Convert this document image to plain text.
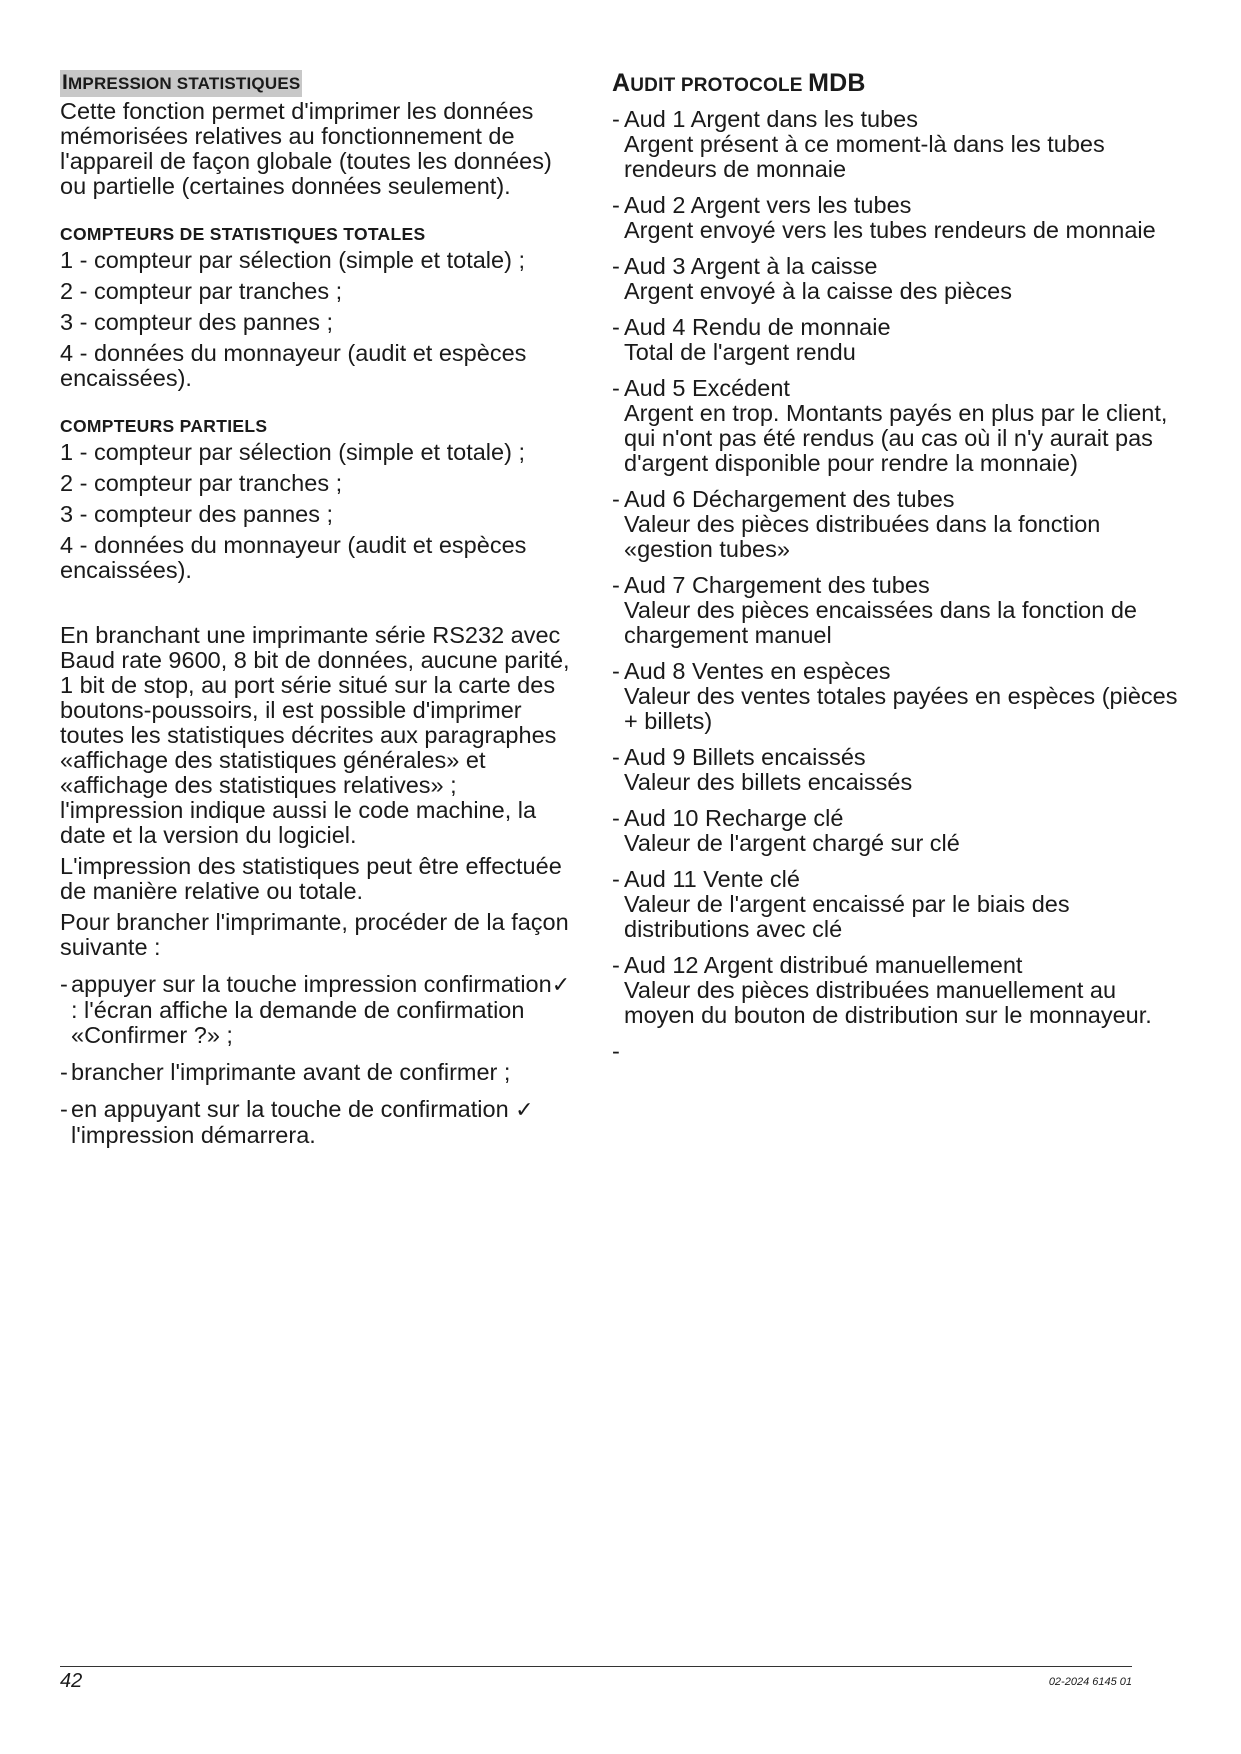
IMPRESSION STATISTIQUES

Cette fonction permet d'imprimer les données mémorisées relatives au fonctionnement de l'appareil de façon globale (toutes les données) ou partielle (certaines données seulement).

COMPTEURS DE STATISTIQUES TOTALES
1 - compteur par sélection (simple et totale) ;
2 - compteur par tranches ;
3 - compteur des pannes ;
4 - données du monnayeur (audit et espèces encaissées).
COMPTEURS PARTIELS
1 - compteur par sélection (simple et totale) ;
2 - compteur par tranches ;
3 - compteur des pannes ;
4 - données du monnayeur (audit et espèces encaissées).
En branchant une imprimante série RS232 avec Baud rate 9600, 8 bit de données, aucune parité, 1 bit de stop, au port série situé sur la carte des boutons-poussoirs, il est possible d'imprimer toutes les statistiques décrites aux paragraphes «affichage des statistiques générales» et «affichage des statistiques relatives» ; l'impression indique aussi le code machine, la date et la version du logiciel.
L'impression des statistiques peut être effectuée de manière relative ou totale.
Pour brancher l'imprimante, procéder de la façon suivante :
- appuyer sur la touche impression confirmation✓ : l'écran affiche la demande de confirmation «Confirmer ?» ;
- brancher l'imprimante avant de confirmer ;
- en appuyant sur la touche de confirmation ✓ l'impression démarrera.
AUDIT PROTOCOLE MDB
- Aud 1 Argent dans les tubes
Argent présent à ce moment-là dans les tubes rendeurs de monnaie
- Aud 2 Argent vers les tubes
Argent envoyé vers les tubes rendeurs de monnaie
- Aud 3 Argent à la caisse
Argent envoyé à la caisse des pièces
- Aud 4 Rendu de monnaie
Total de l'argent rendu
- Aud 5 Excédent
Argent en trop. Montants payés en plus par le client, qui n'ont pas été rendus (au cas où il n'y aurait pas d'argent disponible pour rendre la monnaie)
- Aud 6 Déchargement des tubes
Valeur des pièces distribuées dans la fonction «gestion tubes»
- Aud 7 Chargement des tubes
Valeur des pièces encaissées dans la fonction de chargement manuel
- Aud 8 Ventes en espèces
Valeur des ventes totales payées en espèces (pièces + billets)
- Aud 9 Billets encaissés
Valeur des billets encaissés
- Aud 10 Recharge clé
Valeur de l'argent chargé sur clé
- Aud 11 Vente clé
Valeur de l'argent encaissé par le biais des distributions avec clé
- Aud 12 Argent distribué manuellement
Valeur des pièces distribuées manuellement au moyen du bouton de distribution sur le monnayeur.
-
42	02-2024 6145 01
